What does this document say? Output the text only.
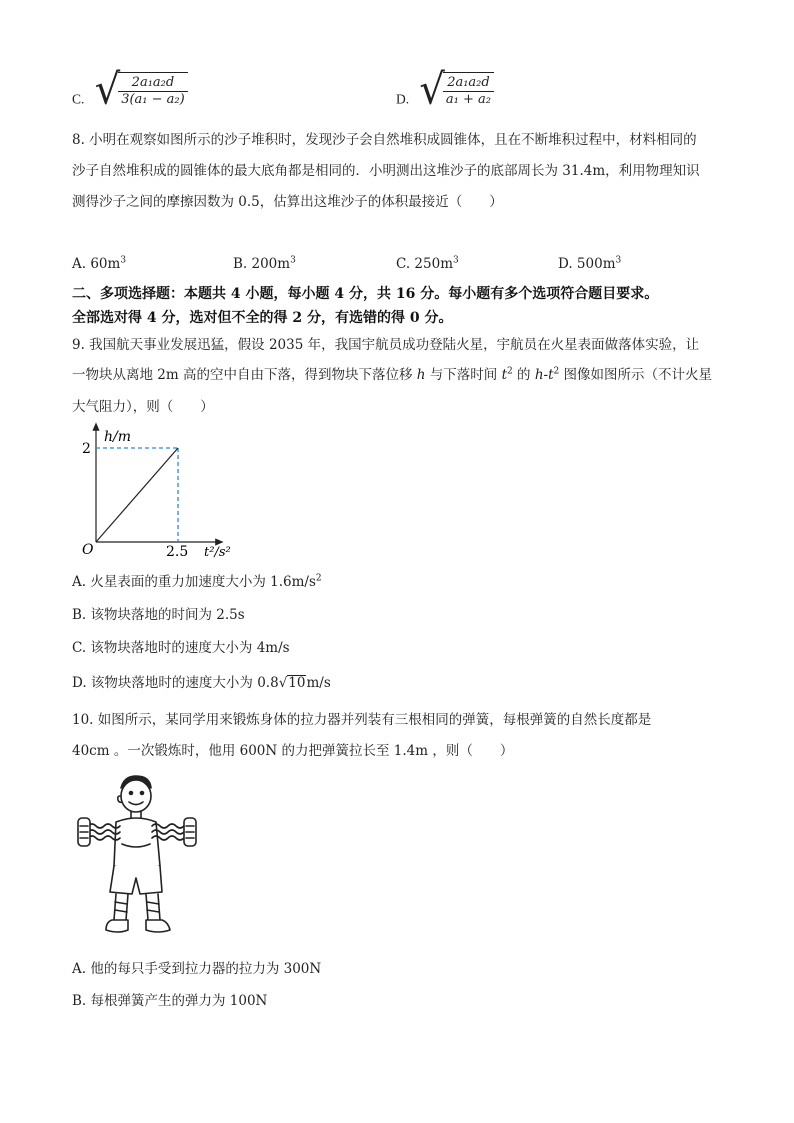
C. √
$\frac{\text{2a₁a₂d}}{\text{3(a₁ − a₂)}}$	D. √
$\frac{\text{2a₁a₂d}}{\text{a₁ + a₂}}$
8. 小明在观察如图所示的沙子堆积时，发现沙子会自然堆积成圆锥体，且在不断堆积过程中，材料相同的
沙子自然堆积成的圆锥体的最大底角都是相同的．小明测出这堆沙子的底部周长为 31.4m，利用物理知识
测得沙子之间的摩擦因数为 0.5，估算出这堆沙子的体积最接近（　　）
A. $60m^3$	B. $200m^3$	C. $250m^3$	D. $500m^3$
二、多项选择题：本题共 4 小题，每小题 4 分，共 16 分。每小题有多个选项符合题目要求。
全部选对得 4 分，选对但不全的得 2 分，有选错的得 0 分。
9. 我国航天事业发展迅猛，假设 2035 年，我国宇航员成功登陆火星，宇航员在火星表面做落体实验，让
一物块从离地 2m 高的空中自由下落，得到物块下落位移 h 与下落时间 $t^2$ 的 $h-t^2$ 图像如图所示（不计火星
大气阻力），则（　　）
h/m
2
O	2.5 t²/s²
A. 火星表面的重力加速度大小为 $1.6m/s^2$
B. 该物块落地的时间为 2.5s
C. 该物块落地时的速度大小为 4m/s
D. 该物块落地时的速度大小为 0.8√10m/s
10. 如图所示，某同学用来锻炼身体的拉力器并列装有三根相同的弹簧，每根弹簧的自然长度都是
40cm 。一次锻炼时，他用 600N 的力把弹簧拉长至 1.4m ，则（　　）
A. 他的每只手受到拉力器的拉力为 300N
B. 每根弹簧产生的弹力为 100N
